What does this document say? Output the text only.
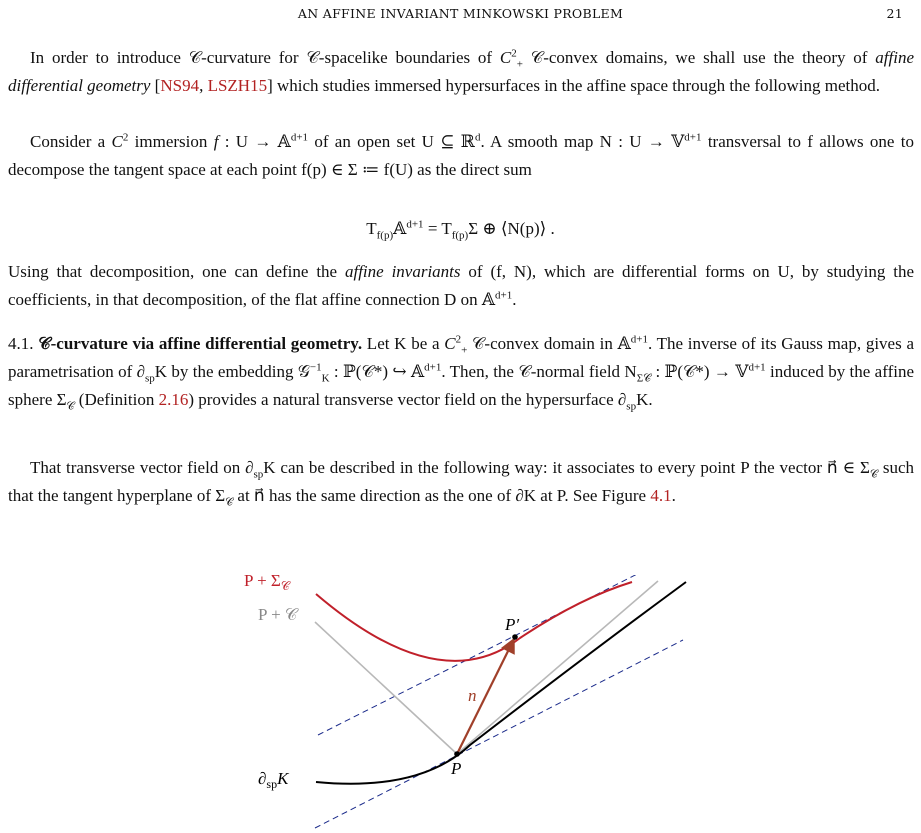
AN AFFINE INVARIANT MINKOWSKI PROBLEM	21

In order to introduce 𝒞-curvature for 𝒞-spacelike boundaries of $C^2_+$ 𝒞-convex domains, we shall use the theory of affine differential geometry [NS94, LSZH15] which studies immersed hypersurfaces in the affine space through the following method.

Consider a $C^2$ immersion f : U → 𝔸$^{d+1}$ of an open set U ⊆ ℝ$^d$. A smooth map N : U → 𝕍$^{d+1}$ transversal to f allows one to decompose the tangent space at each point f(p) ∈ Σ ≔ f(U) as the direct sum

$T_{f(p)}𝔸^{d+1} = T_{f(p)}\Sigma$ ⊕ ⟨N(p)⟩ .

Using that decomposition, one can define the affine invariants of (f, N), which are differential forms on U, by studying the coefficients, in that decomposition, of the flat affine connection D on 𝔸$^{d+1}$.

4.1. 𝒞-curvature via affine differential geometry. Let K be a $C^2_+$ 𝒞-convex domain in 𝔸$^{d+1}$. The inverse of its Gauss map, gives a parametrisation of $\partial_{sp}K$ by the embedding 𝒢$^{-1}_K$ : ℙ(𝒞*) ↪ 𝔸$^{d+1}$. Then, the 𝒞-normal field $N_{\Sigma 𝒞}$ : ℙ(𝒞*) → 𝕍$^{d+1}$ induced by the affine sphere $\Sigma_𝒞$ (Definition 2.16) provides a natural transverse vector field on the hypersurface $\partial_{sp}K$.

That transverse vector field on $\partial_{sp}K$ can be described in the following way: it associates to every point P the vector n⃗ ∈ $\Sigma_𝒞$ such that the tangent hyperplane of $\Sigma_𝒞$ at n⃗ has the same direction as the one of ∂K at P. See Figure 4.1.

$P + \Sigma_𝒞$
P + 𝒞
$\partial_{sp}K$
P
P′
n⃗
